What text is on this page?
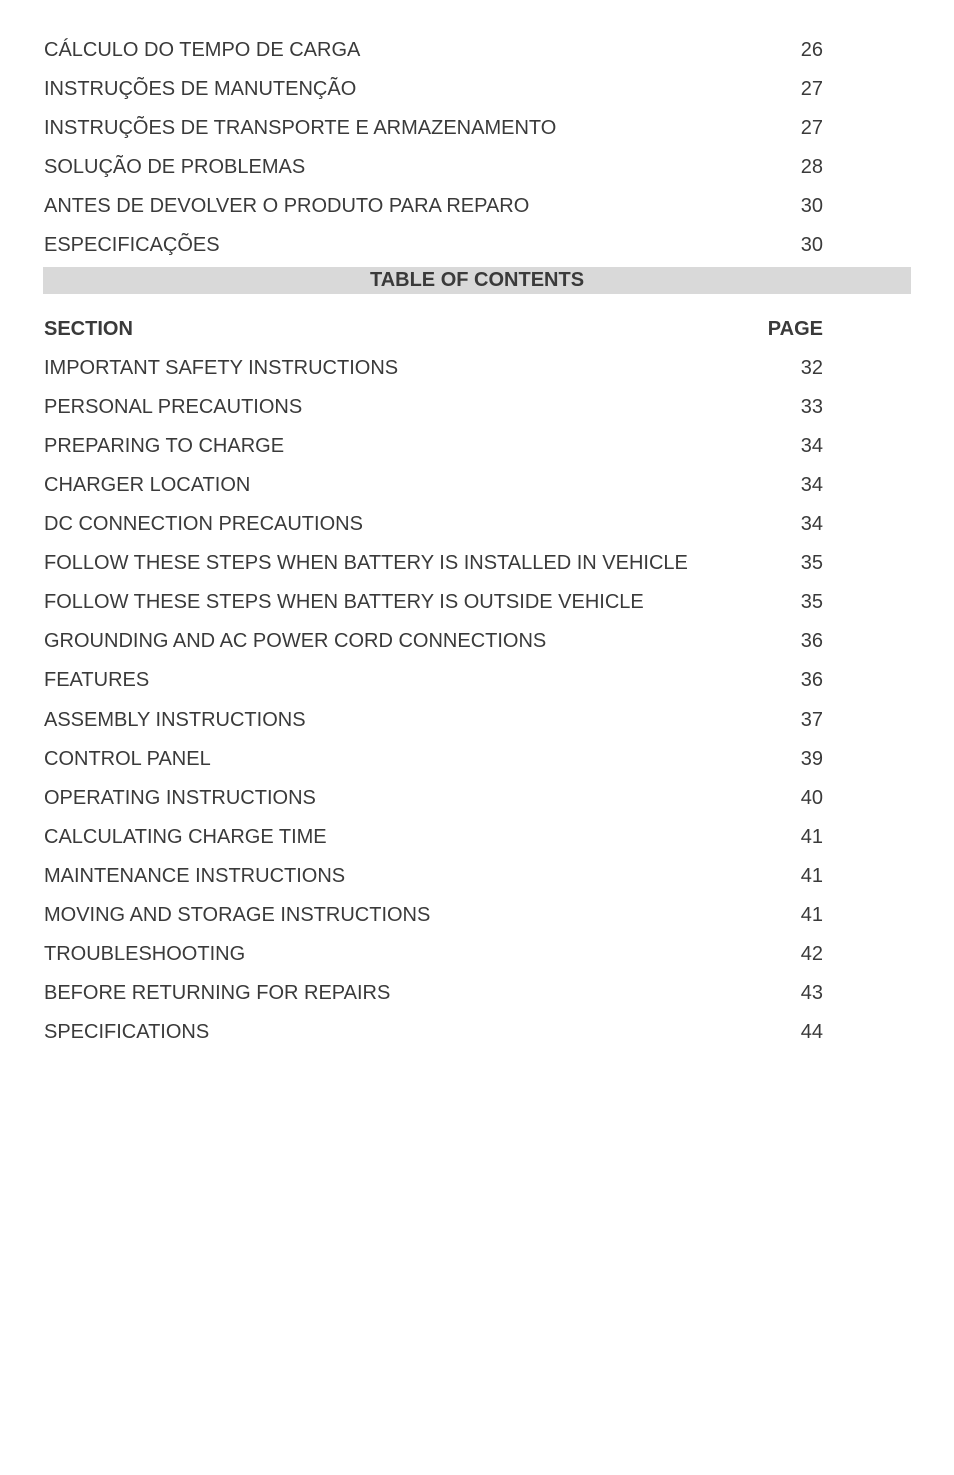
CÁLCULO DO TEMPO DE CARGA	26
INSTRUÇÕES DE MANUTENÇÃO	27
INSTRUÇÕES DE TRANSPORTE E ARMAZENAMENTO	27
SOLUÇÃO DE PROBLEMAS	28
ANTES DE DEVOLVER O PRODUTO PARA REPARO	30
ESPECIFICAÇÕES	30
TABLE OF CONTENTS
SECTION	PAGE
IMPORTANT SAFETY INSTRUCTIONS	32
PERSONAL PRECAUTIONS	33
PREPARING TO CHARGE	34
CHARGER LOCATION	34
DC CONNECTION PRECAUTIONS	34
FOLLOW THESE STEPS WHEN BATTERY IS INSTALLED IN VEHICLE	35
FOLLOW THESE STEPS WHEN BATTERY IS OUTSIDE VEHICLE	35
GROUNDING AND AC POWER CORD CONNECTIONS	36
FEATURES	36
ASSEMBLY INSTRUCTIONS	37
CONTROL PANEL	39
OPERATING INSTRUCTIONS	40
CALCULATING CHARGE TIME	41
MAINTENANCE INSTRUCTIONS	41
MOVING AND STORAGE INSTRUCTIONS	41
TROUBLESHOOTING	42
BEFORE RETURNING FOR REPAIRS	43
SPECIFICATIONS	44
